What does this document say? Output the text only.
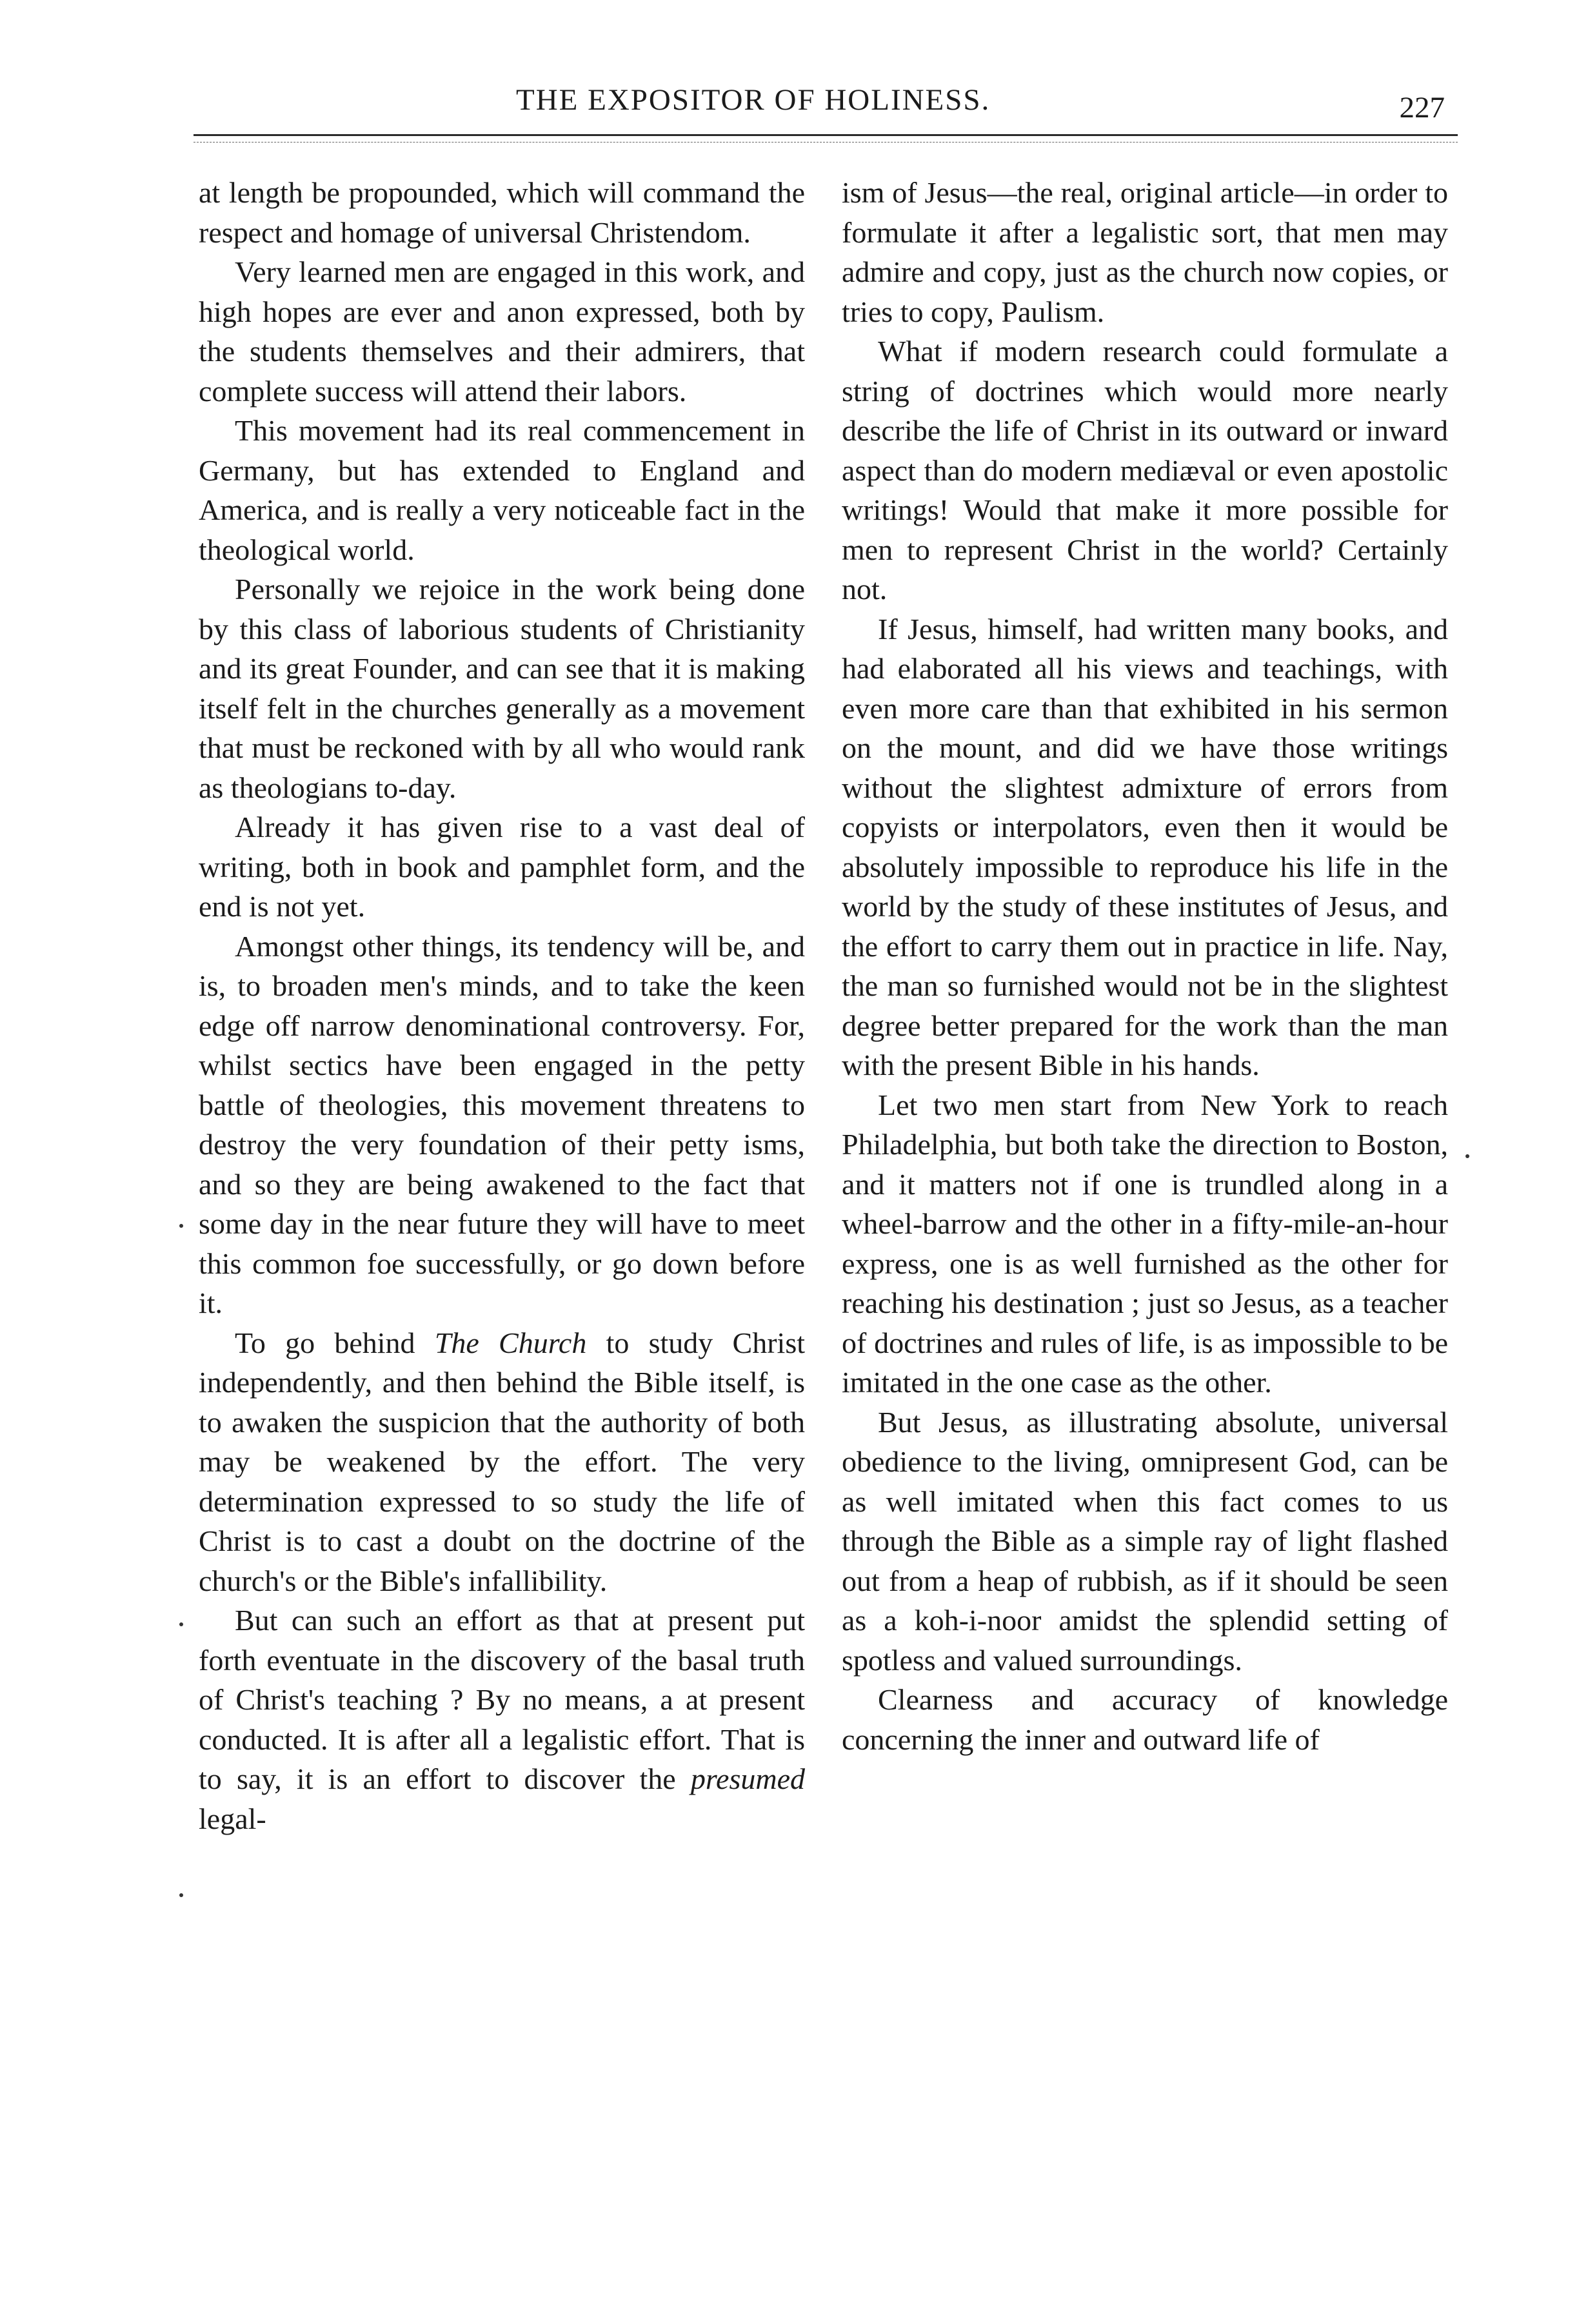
THE EXPOSITOR OF HOLINESS.	227

at length be propounded, which will command the respect and homage of universal Christendom.

Very learned men are engaged in this work, and high hopes are ever and anon expressed, both by the students themselves and their admirers, that complete success will attend their labors.

This movement had its real commencement in Germany, but has extended to England and America, and is really a very noticeable fact in the theological world.

Personally we rejoice in the work being done by this class of laborious students of Christianity and its great Founder, and can see that it is making itself felt in the churches generally as a movement that must be reckoned with by all who would rank as theologians to-day.

Already it has given rise to a vast deal of writing, both in book and pamphlet form, and the end is not yet.

Amongst other things, its tendency will be, and is, to broaden men's minds, and to take the keen edge off narrow denominational controversy. For, whilst sectics have been engaged in the petty battle of theologies, this movement threatens to destroy the very foundation of their petty isms, and so they are being awakened to the fact that some day in the near future they will have to meet this common foe successfully, or go down before it.

To go behind The Church to study Christ independently, and then behind the Bible itself, is to awaken the suspicion that the authority of both may be weakened by the effort. The very determination expressed to so study the life of Christ is to cast a doubt on the doctrine of the church's or the Bible's infallibility.

But can such an effort as that at present put forth eventuate in the discovery of the basal truth of Christ's teaching ? By no means, a at present conducted. It is after all a legalistic effort. That is to say, it is an effort to discover the presumed legal-

ism of Jesus—the real, original article—in order to formulate it after a legalistic sort, that men may admire and copy, just as the church now copies, or tries to copy, Paulism.

What if modern research could formulate a string of doctrines which would more nearly describe the life of Christ in its outward or inward aspect than do modern mediæval or even apostolic writings! Would that make it more possible for men to represent Christ in the world? Certainly not.

If Jesus, himself, had written many books, and had elaborated all his views and teachings, with even more care than that exhibited in his sermon on the mount, and did we have those writings without the slightest admixture of errors from copyists or interpolators, even then it would be absolutely impossible to reproduce his life in the world by the study of these institutes of Jesus, and the effort to carry them out in practice in life. Nay, the man so furnished would not be in the slightest degree better prepared for the work than the man with the present Bible in his hands.

Let two men start from New York to reach Philadelphia, but both take the direction to Boston, and it matters not if one is trundled along in a wheel-barrow and the other in a fifty-mile-an-hour express, one is as well furnished as the other for reaching his destination ; just so Jesus, as a teacher of doctrines and rules of life, is as impossible to be imitated in the one case as the other.

But Jesus, as illustrating absolute, universal obedience to the living, omnipresent God, can be as well imitated when this fact comes to us through the Bible as a simple ray of light flashed out from a heap of rubbish, as if it should be seen as a koh-i-noor amidst the splendid setting of spotless and valued surroundings.

Clearness and accuracy of knowledge concerning the inner and outward life of
